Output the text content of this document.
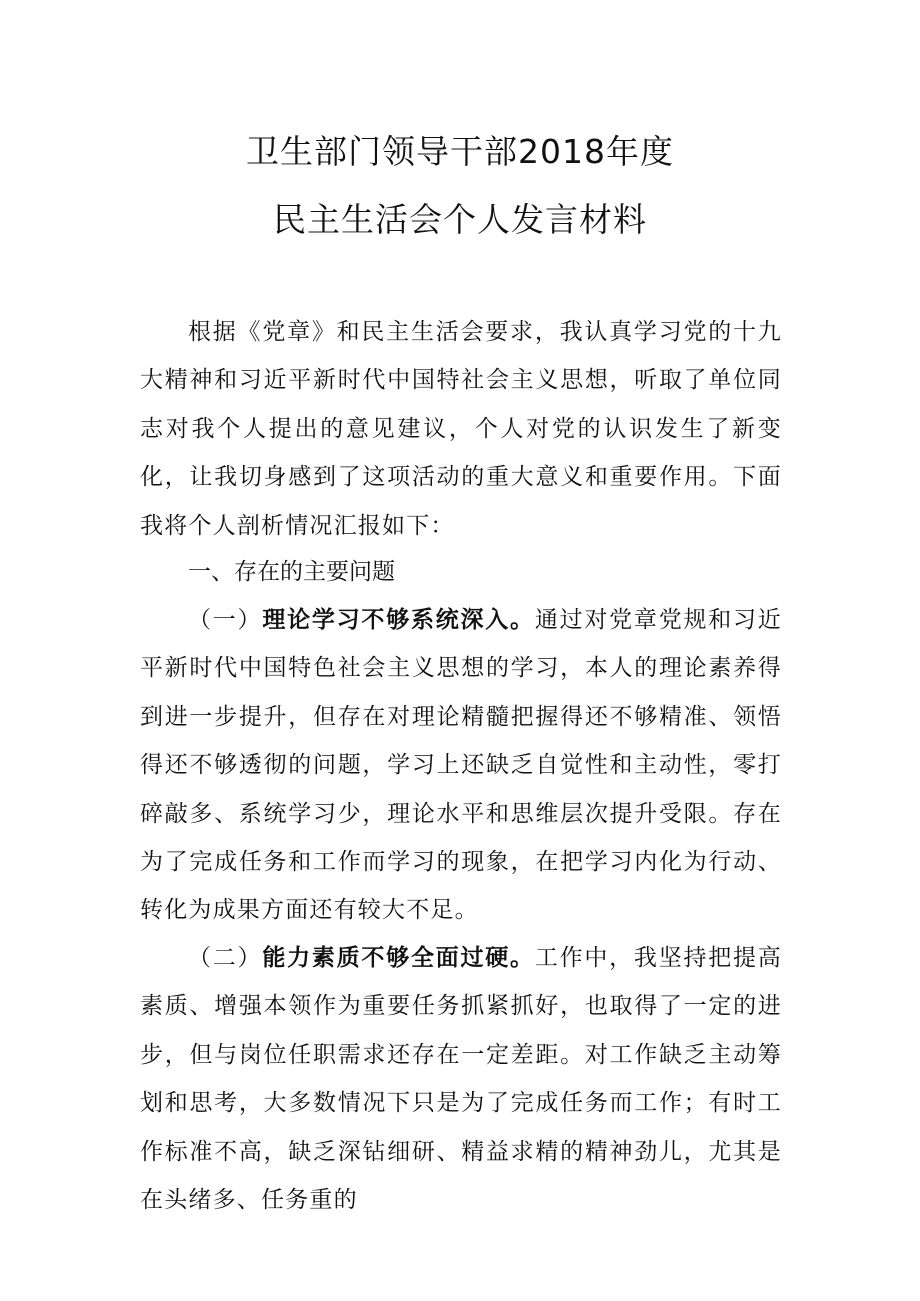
卫生部门领导干部2018年度
民主生活会个人发言材料

根据《党章》和民主生活会要求，我认真学习党的十九大精神和习近平新时代中国特社会主义思想，听取了单位同志对我个人提出的意见建议，个人对党的认识发生了新变化，让我切身感到了这项活动的重大意义和重要作用。下面我将个人剖析情况汇报如下：

一、存在的主要问题

（一）理论学习不够系统深入。通过对党章党规和习近平新时代中国特色社会主义思想的学习，本人的理论素养得到进一步提升，但存在对理论精髓把握得还不够精准、领悟得还不够透彻的问题，学习上还缺乏自觉性和主动性，零打碎敲多、系统学习少，理论水平和思维层次提升受限。存在为了完成任务和工作而学习的现象，在把学习内化为行动、转化为成果方面还有较大不足。

（二）能力素质不够全面过硬。工作中，我坚持把提高素质、增强本领作为重要任务抓紧抓好，也取得了一定的进步，但与岗位任职需求还存在一定差距。对工作缺乏主动筹划和思考，大多数情况下只是为了完成任务而工作；有时工作标准不高，缺乏深钻细研、精益求精的精神劲儿，尤其是在头绪多、任务重的
